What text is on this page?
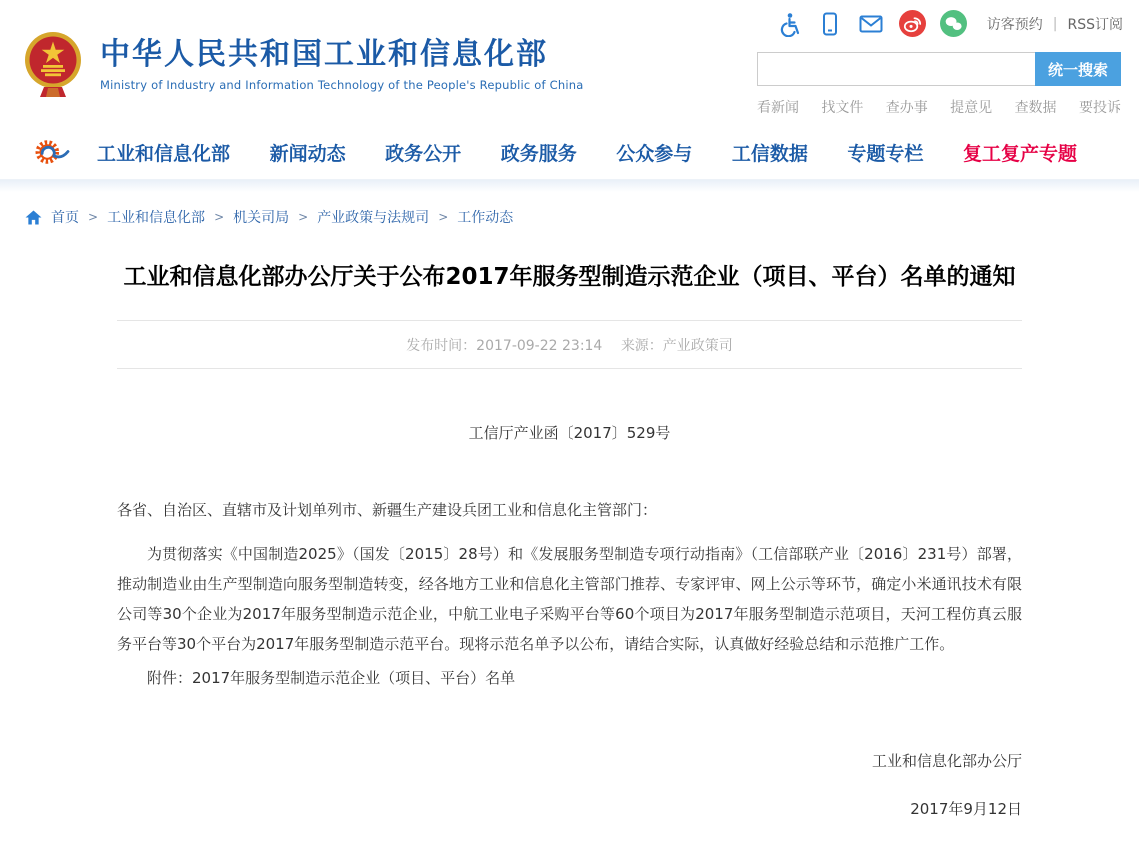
访客预约 | RSS订阅
中华人民共和国工业和信息化部
Ministry of Industry and Information Technology of the People's Republic of China
统一搜索
看新闻 找文件 查办事 提意见 查数据 要投诉
工业和信息化部 新闻动态 政务公开 政务服务 公众参与 工信数据 专题专栏 复工复产专题
首页 > 工业和信息化部 > 机关司局 > 产业政策与法规司 > 工作动态
工业和信息化部办公厅关于公布2017年服务型制造示范企业（项目、平台）名单的通知
发布时间：2017-09-22 23:14 来源：产业政策司

工信厅产业函〔2017〕529号

各省、自治区、直辖市及计划单列市、新疆生产建设兵团工业和信息化主管部门：

为贯彻落实《中国制造2025》（国发〔2015〕28号）和《发展服务型制造专项行动指南》（工信部联产业〔2016〕231号）部署，推动制造业由生产型制造向服务型制造转变，经各地方工业和信息化主管部门推荐、专家评审、网上公示等环节，确定小米通讯技术有限公司等30个企业为2017年服务型制造示范企业，中航工业电子采购平台等60个项目为2017年服务型制造示范项目，天河工程仿真云服务平台等30个平台为2017年服务型制造示范平台。现将示范名单予以公布，请结合实际，认真做好经验总结和示范推广工作。

附件：2017年服务型制造示范企业（项目、平台）名单

工业和信息化部办公厅

2017年9月12日
